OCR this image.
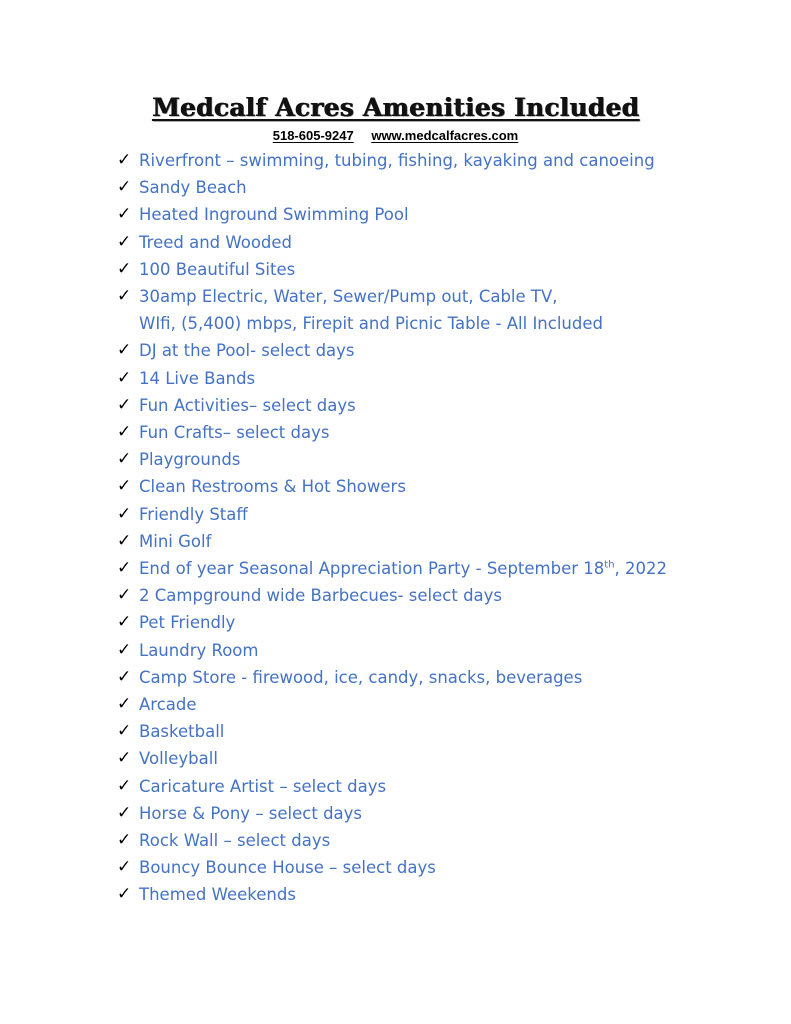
Medcalf Acres Amenities Included
518-605-9247 www.medcalfacres.com
✓ Riverfront – swimming, tubing, fishing, kayaking and canoeing
✓ Sandy Beach
✓ Heated Inground Swimming Pool
✓ Treed and Wooded
✓ 100 Beautiful Sites
✓ 30amp Electric, Water, Sewer/Pump out, Cable TV,
WIfi, (5,400) mbps, Firepit and Picnic Table - All Included
✓ DJ at the Pool- select days
✓ 14 Live Bands
✓ Fun Activities– select days
✓ Fun Crafts– select days
✓ Playgrounds
✓ Clean Restrooms & Hot Showers
✓ Friendly Staff
✓ Mini Golf
✓ End of year Seasonal Appreciation Party - September 18th, 2022
✓ 2 Campground wide Barbecues- select days
✓ Pet Friendly
✓ Laundry Room
✓ Camp Store - firewood, ice, candy, snacks, beverages
✓ Arcade
✓ Basketball
✓ Volleyball
✓ Caricature Artist – select days
✓ Horse & Pony – select days
✓ Rock Wall – select days
✓ Bouncy Bounce House – select days
✓ Themed Weekends
